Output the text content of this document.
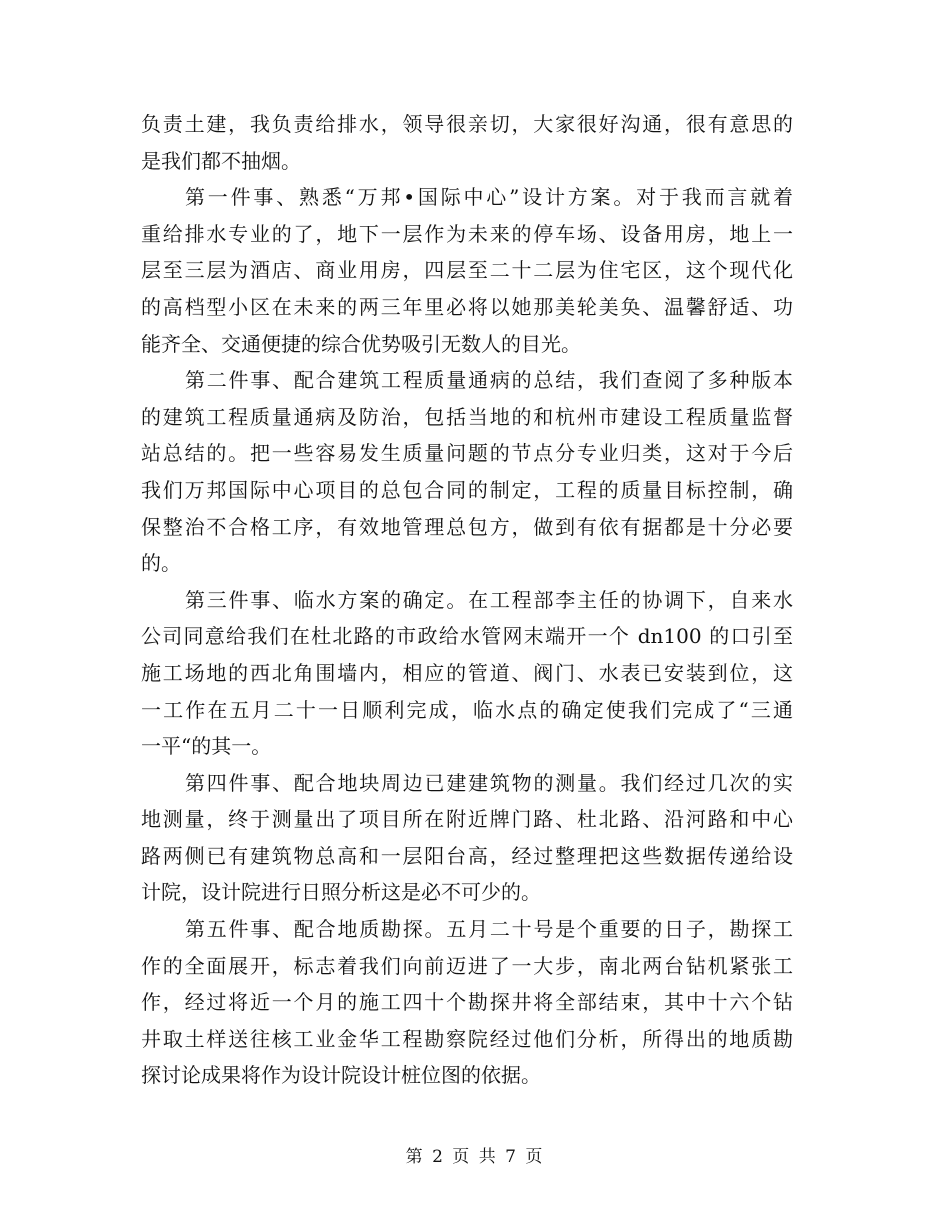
负责土建，我负责给排水，领导很亲切，大家很好沟通，很有意思的
是我们都不抽烟。
第一件事、熟悉“万邦•国际中心”设计方案。对于我而言就着
重给排水专业的了，地下一层作为未来的停车场、设备用房，地上一
层至三层为酒店、商业用房，四层至二十二层为住宅区，这个现代化
的高档型小区在未来的两三年里必将以她那美轮美奂、温馨舒适、功
能齐全、交通便捷的综合优势吸引无数人的目光。
第二件事、配合建筑工程质量通病的总结，我们查阅了多种版本
的建筑工程质量通病及防治，包括当地的和杭州市建设工程质量监督
站总结的。把一些容易发生质量问题的节点分专业归类，这对于今后
我们万邦国际中心项目的总包合同的制定，工程的质量目标控制，确
保整治不合格工序，有效地管理总包方，做到有依有据都是十分必要
的。
第三件事、临水方案的确定。在工程部李主任的协调下，自来水
公司同意给我们在杜北路的市政给水管网末端开一个 dn100 的口引至
施工场地的西北角围墙内，相应的管道、阀门、水表已安装到位，这
一工作在五月二十一日顺利完成，临水点的确定使我们完成了“三通
一平“的其一。
第四件事、配合地块周边已建建筑物的测量。我们经过几次的实
地测量，终于测量出了项目所在附近牌门路、杜北路、沿河路和中心
路两侧已有建筑物总高和一层阳台高，经过整理把这些数据传递给设
计院，设计院进行日照分析这是必不可少的。
第五件事、配合地质勘探。五月二十号是个重要的日子，勘探工
作的全面展开，标志着我们向前迈进了一大步，南北两台钻机紧张工
作，经过将近一个月的施工四十个勘探井将全部结束，其中十六个钻
井取土样送往核工业金华工程勘察院经过他们分析，所得出的地质勘
探讨论成果将作为设计院设计桩位图的依据。
第 2 页 共 7 页
